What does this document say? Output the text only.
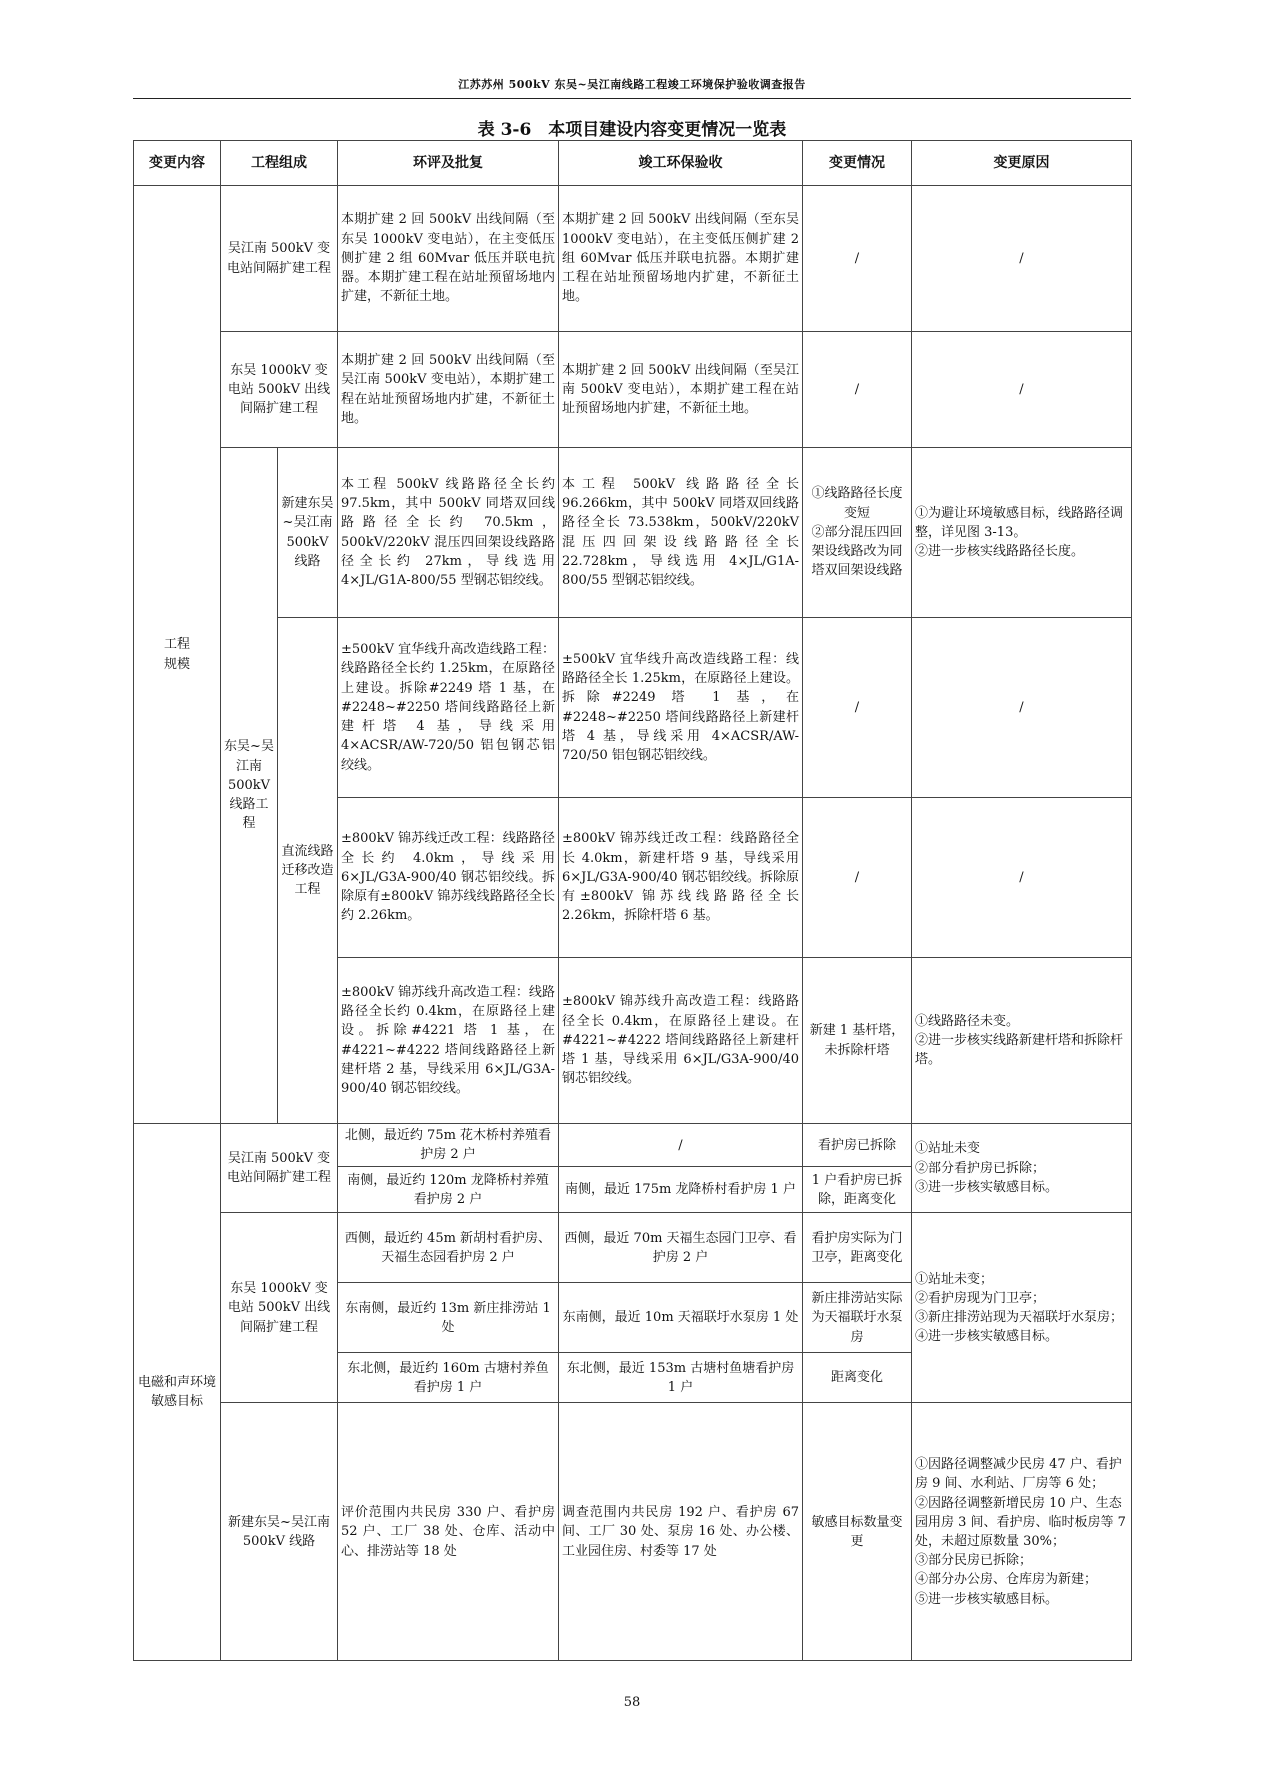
江苏苏州 500kV 东吴~吴江南线路工程竣工环境保护验收调查报告
表 3-6　本项目建设内容变更情况一览表
变更内容	工程组成		环评及批复	竣工环保验收	变更情况	变更原因
工程
规模	吴江南 500kV 变电站间隔扩建工程		本期扩建 2 回 500kV 出线间隔（至东吴 1000kV 变电站），在主变低压侧扩建 2 组 60Mvar 低压并联电抗器。本期扩建工程在站址预留场地内扩建，不新征土地。	本期扩建 2 回 500kV 出线间隔（至东吴 1000kV 变电站），在主变低压侧扩建 2 组 60Mvar 低压并联电抗器。本期扩建工程在站址预留场地内扩建，不新征土地。	/	/
	东吴 1000kV 变电站 500kV 出线间隔扩建工程		本期扩建 2 回 500kV 出线间隔（至吴江南 500kV 变电站），本期扩建工程在站址预留场地内扩建，不新征土地。	本期扩建 2 回 500kV 出线间隔（至吴江南 500kV 变电站），本期扩建工程在站址预留场地内扩建，不新征土地。	/	/
	东吴~吴江南 500kV 线路工程	新建东吴~吴江南 500kV 线路	本工程 500kV 线路路径全长约 97.5km，其中 500kV 同塔双回线路路径全长约 70.5km，500kV/220kV 混压四回架设线路路径全长约 27km，导线选用 4×JL/G1A-800/55 型钢芯铝绞线。	本工程 500kV 线路路径全长 96.266km，其中 500kV 同塔双回线路路径全长 73.538km，500kV/220kV 混压四回架设线路路径全长 22.728km，导线选用 4×JL/G1A-800/55 型钢芯铝绞线。	①线路路径长度变短
②部分混压四回架设线路改为同塔双回架设线路	①为避让环境敏感目标，线路路径调整，详见图 3-13。
②进一步核实线路路径长度。
		直流线路迁移改造工程	±500kV 宜华线升高改造线路工程：线路路径全长约 1.25km，在原路径上建设。拆除#2249 塔 1 基，在#2248~#2250 塔间线路路径上新建杆塔 4 基，导线采用 4×ACSR/AW-720/50 铝包钢芯铝绞线。	±500kV 宜华线升高改造线路工程：线路路径全长 1.25km，在原路径上建设。拆除#2249 塔 1 基，在#2248~#2250 塔间线路路径上新建杆塔 4 基，导线采用 4×ACSR/AW-720/50 铝包钢芯铝绞线。	/	/
			±800kV 锦苏线迁改工程：线路路径全长约 4.0km，导线采用 6×JL/G3A-900/40 钢芯铝绞线。拆除原有±800kV 锦苏线线路路径全长约 2.26km。	±800kV 锦苏线迁改工程：线路路径全长 4.0km，新建杆塔 9 基，导线采用 6×JL/G3A-900/40 钢芯铝绞线。拆除原有±800kV 锦苏线线路路径全长 2.26km，拆除杆塔 6 基。	/	/
			±800kV 锦苏线升高改造工程：线路路径全长约 0.4km，在原路径上建设。拆除#4221 塔 1 基，在#4221~#4222 塔间线路路径上新建杆塔 2 基，导线采用 6×JL/G3A-900/40 钢芯铝绞线。	±800kV 锦苏线升高改造工程：线路路径全长 0.4km，在原路径上建设。在#4221~#4222 塔间线路路径上新建杆塔 1 基，导线采用 6×JL/G3A-900/40 钢芯铝绞线。	新建 1 基杆塔，未拆除杆塔	①线路路径未变。
②进一步核实线路新建杆塔和拆除杆塔。
电磁和声环境敏感目标	吴江南 500kV 变电站间隔扩建工程		北侧，最近约 75m 花木桥村养殖看护房 2 户	/	看护房已拆除	①站址未变
②部分看护房已拆除；
③进一步核实敏感目标。
			南侧，最近约 120m 龙降桥村养殖看护房 2 户	南侧，最近 175m 龙降桥村看护房 1 户	1 户看护房已拆除，距离变化	
	东吴 1000kV 变电站 500kV 出线间隔扩建工程		西侧，最近约 45m 新胡村看护房、天福生态园看护房 2 户	西侧，最近 70m 天福生态园门卫亭、看护房 2 户	看护房实际为门卫亭，距离变化	①站址未变；
②看护房现为门卫亭；
③新庄排涝站现为天福联圩水泵房；
④进一步核实敏感目标。
			东南侧，最近约 13m 新庄排涝站 1 处	东南侧，最近 10m 天福联圩水泵房 1 处	新庄排涝站实际为天福联圩水泵房	
			东北侧，最近约 160m 古塘村养鱼看护房 1 户	东北侧，最近 153m 古塘村鱼塘看护房 1 户	距离变化	
	新建东吴~吴江南 500kV 线路		评价范围内共民房 330 户、看护房 52 户、工厂 38 处、仓库、活动中心、排涝站等 18 处	调查范围内共民房 192 户、看护房 67 间、工厂 30 处、泵房 16 处、办公楼、工业园住房、村委等 17 处	敏感目标数量变更	①因路径调整减少民房 47 户、看护房 9 间、水利站、厂房等 6 处；
②因路径调整新增民房 10 户、生态园用房 3 间、看护房、临时板房等 7 处，未超过原数量 30%；
③部分民房已拆除；
④部分办公房、仓库房为新建；
⑤进一步核实敏感目标。
58
